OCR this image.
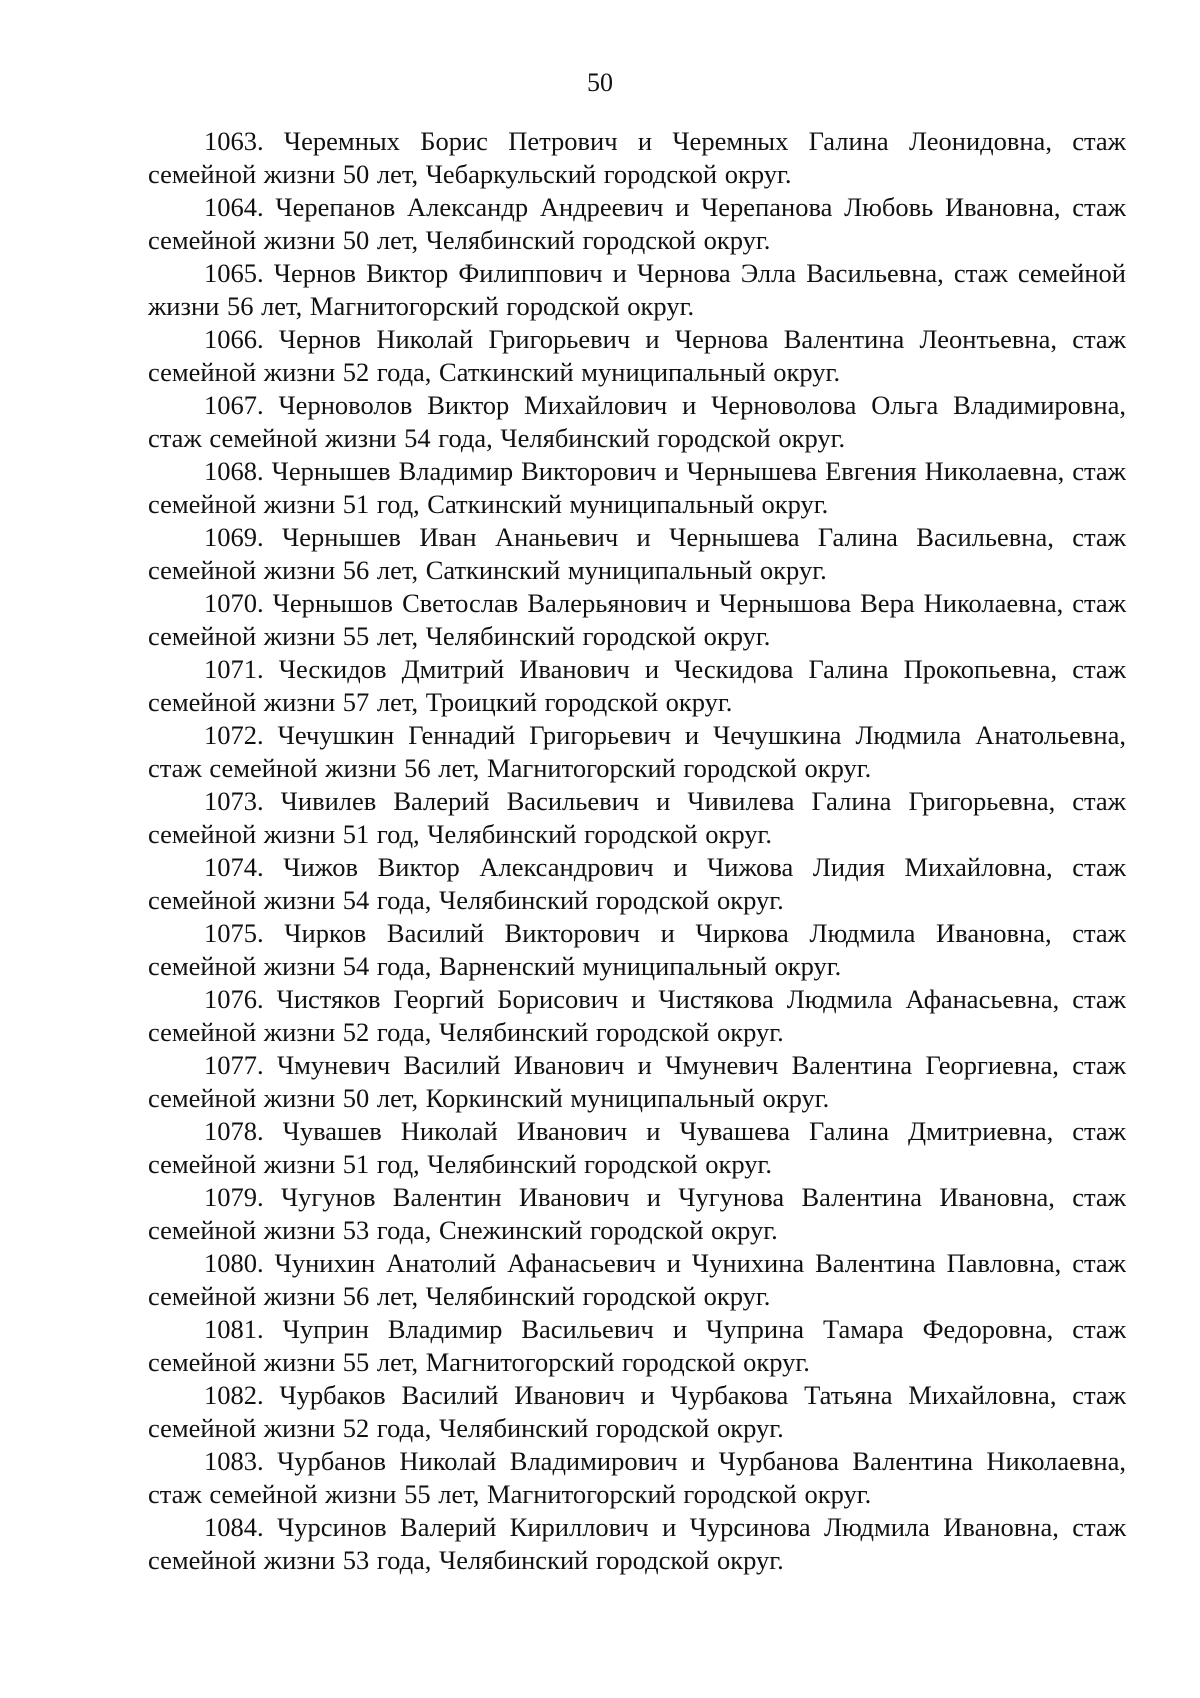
50

1063. Черемных Борис Петрович и Черемных Галина Леонидовна, стаж семейной жизни 50 лет, Чебаркульский городской округ.

1064. Черепанов Александр Андреевич и Черепанова Любовь Ивановна, стаж семейной жизни 50 лет, Челябинский городской округ.

1065. Чернов Виктор Филиппович и Чернова Элла Васильевна, стаж семейной жизни 56 лет, Магнитогорский городской округ.

1066. Чернов Николай Григорьевич и Чернова Валентина Леонтьевна, стаж семейной жизни 52 года, Саткинский муниципальный округ.

1067. Черноволов Виктор Михайлович и Черноволова Ольга Владимировна, стаж семейной жизни 54 года, Челябинский городской округ.

1068. Чернышев Владимир Викторович и Чернышева Евгения Николаевна, стаж семейной жизни 51 год, Саткинский муниципальный округ.

1069. Чернышев Иван Ананьевич и Чернышева Галина Васильевна, стаж семейной жизни 56 лет, Саткинский муниципальный округ.

1070. Чернышов Светослав Валерьянович и Чернышова Вера Николаевна, стаж семейной жизни 55 лет, Челябинский городской округ.

1071. Ческидов Дмитрий Иванович и Ческидова Галина Прокопьевна, стаж семейной жизни 57 лет, Троицкий городской округ.

1072. Чечушкин Геннадий Григорьевич и Чечушкина Людмила Анатольевна, стаж семейной жизни 56 лет, Магнитогорский городской округ.

1073. Чивилев Валерий Васильевич и Чивилева Галина Григорьевна, стаж семейной жизни 51 год, Челябинский городской округ.

1074. Чижов Виктор Александрович и Чижова Лидия Михайловна, стаж семейной жизни 54 года, Челябинский городской округ.

1075. Чирков Василий Викторович и Чиркова Людмила Ивановна, стаж семейной жизни 54 года, Варненский муниципальный округ.

1076. Чистяков Георгий Борисович и Чистякова Людмила Афанасьевна, стаж семейной жизни 52 года, Челябинский городской округ.

1077. Чмуневич Василий Иванович и Чмуневич Валентина Георгиевна, стаж семейной жизни 50 лет, Коркинский муниципальный округ.

1078. Чувашев Николай Иванович и Чувашева Галина Дмитриевна, стаж семейной жизни 51 год, Челябинский городской округ.

1079. Чугунов Валентин Иванович и Чугунова Валентина Ивановна, стаж семейной жизни 53 года, Снежинский городской округ.

1080. Чунихин Анатолий Афанасьевич и Чунихина Валентина Павловна, стаж семейной жизни 56 лет, Челябинский городской округ.

1081. Чуприн Владимир Васильевич и Чуприна Тамара Федоровна, стаж семейной жизни 55 лет, Магнитогорский городской округ.

1082. Чурбаков Василий Иванович и Чурбакова Татьяна Михайловна, стаж семейной жизни 52 года, Челябинский городской округ.

1083. Чурбанов Николай Владимирович и Чурбанова Валентина Николаевна, стаж семейной жизни 55 лет, Магнитогорский городской округ.

1084. Чурсинов Валерий Кириллович и Чурсинова Людмила Ивановна, стаж семейной жизни 53 года, Челябинский городской округ.
